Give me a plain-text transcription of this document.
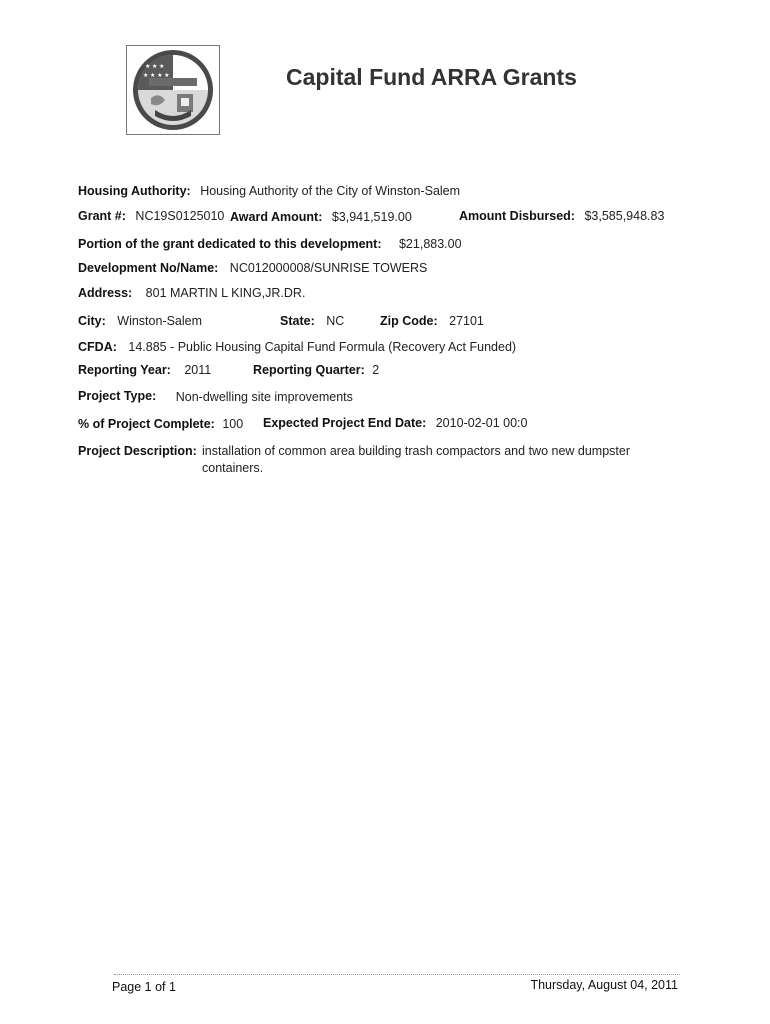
★ ★ ★
★ ★ ★ ★	Capital Fund ARRA Grants
Housing Authority: Housing Authority of the City of Winston-Salem
Grant #: NC19S0125010 Award Amount: $3,941,519.00	Amount Disbursed: $3,585,948.83
Portion of the grant dedicated to this development: $21,883.00
Development No/Name: NC012000008/SUNRISE TOWERS
Address: 801 MARTIN L KING,JR.DR.
City: Winston-Salem	State: NC	Zip Code: 27101
CFDA: 14.885 - Public Housing Capital Fund Formula (Recovery Act Funded)
Reporting Year: 2011	Reporting Quarter: 2
Project Type: Non-dwelling site improvements
% of Project Complete: 100 Expected Project End Date: 2010-02-01 00:0
Project Description: installation of common area building trash compactors and two new dumpster containers.
Page 1 of 1	Thursday, August 04, 2011
